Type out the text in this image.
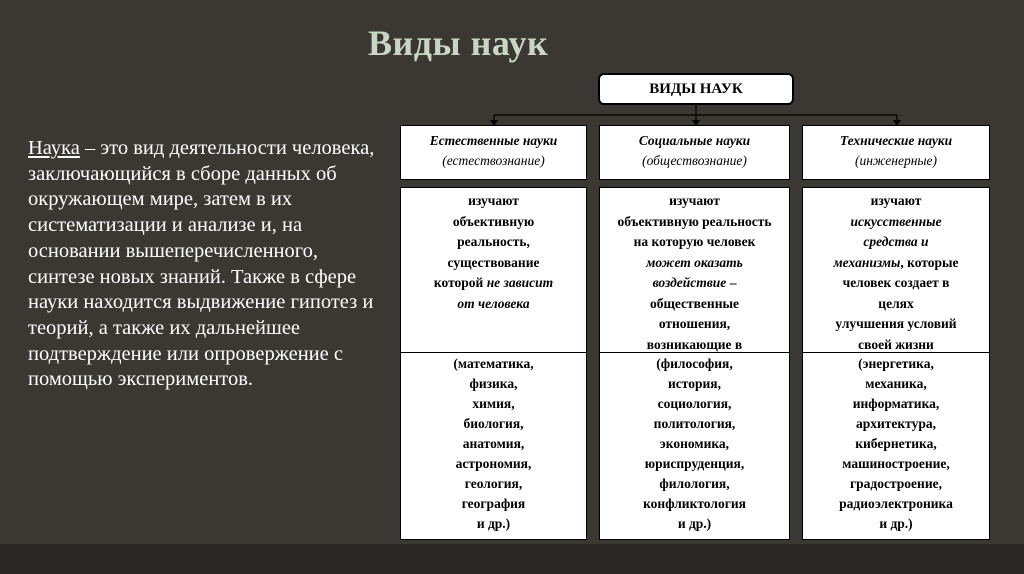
Виды наук
Наука – это вид деятельности человека, заключающийся в сборе данных об окружающем мире, затем в их систематизации и анализе и, на основании вышеперечисленного, синтезе новых знаний. Также в сфере науки находится выдвижение гипотез и теорий, а также их дальнейшее подтверждение или опровержение с помощью экспериментов.
ВИДЫ НАУК
Естественные науки
(естествознание)
изучают
объективную
реальность,
существование
которой не зависит
от человека
(математика,
физика,
химия,
биология,
анатомия,
астрономия,
геология,
география
и др.)
Социальные науки
(обществознание)
изучают
объективную реальность
на которую человек
может оказать
воздействие –
общественные
отношения,
возникающие в
(философия,
история,
социология,
политология,
экономика,
юриспруденция,
филология,
конфликтология
и др.)
Технические науки
(инженерные)
изучают
искусственные
средства и
механизмы, которые
человек создает в
целях
улучшения условий
своей жизни
(энергетика,
механика,
информатика,
архитектура,
кибернетика,
машиностроение,
градостроение,
радиоэлектроника
и др.)
